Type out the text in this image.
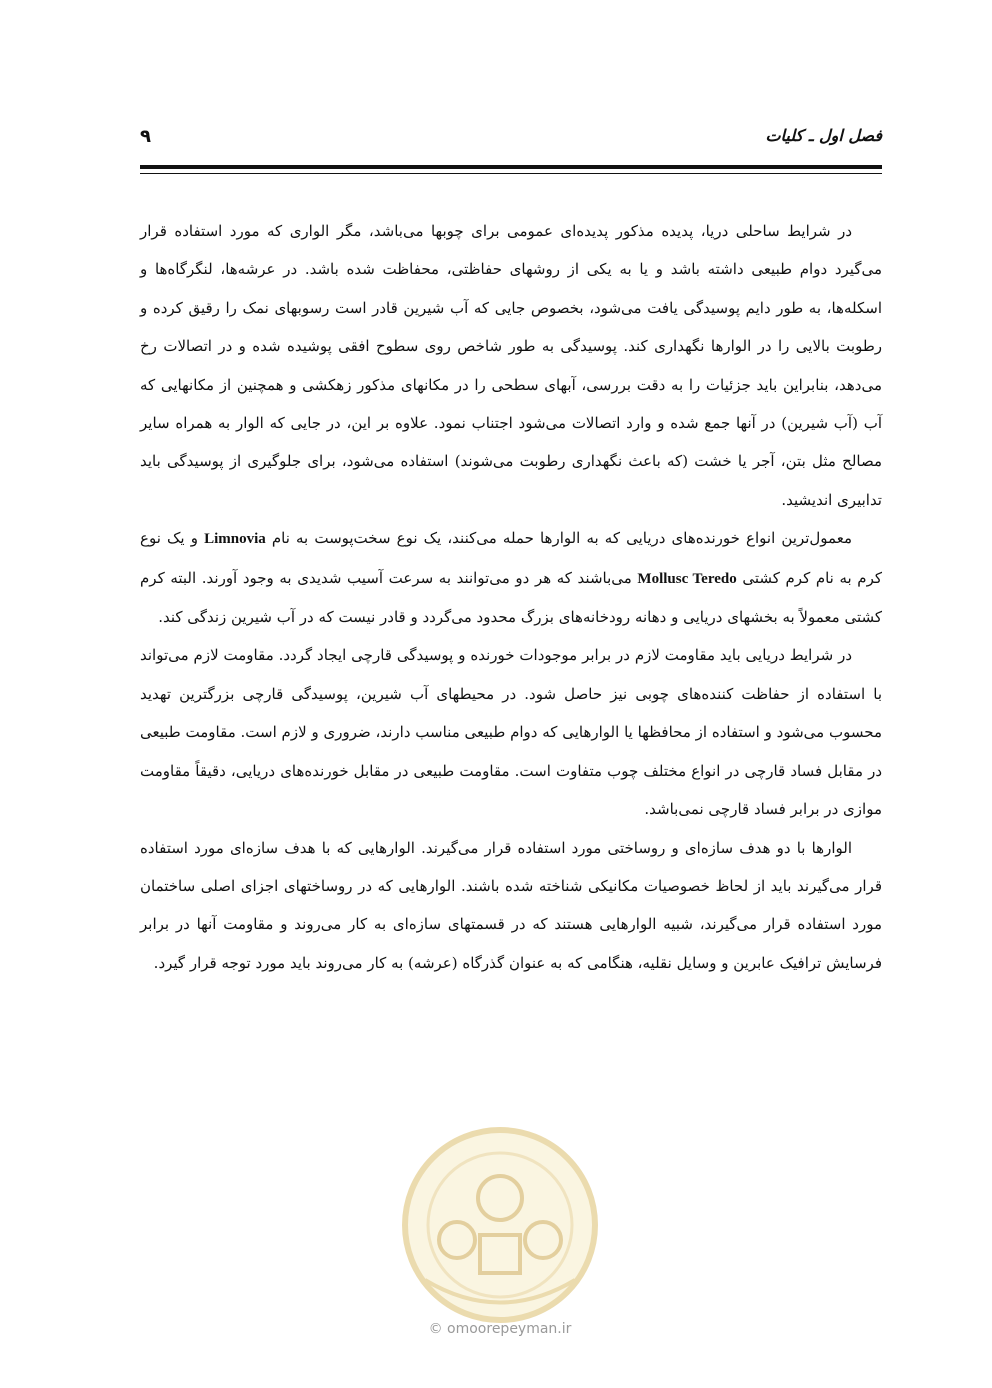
فصل اول ـ کلیات
۹

در شرایط ساحلی دریا، پدیده مذکور پدیده‌ای عمومی برای چوبها می‌باشد، مگر الواری که مورد استفاده قرار می‌گیرد دوام طبیعی داشته باشد و یا به یکی از روشهای حفاظتی، محفاظت شده باشد. در عرشه‌ها، لنگرگاه‌ها و اسکله‌ها، به طور دایم پوسیدگی یافت می‌شود، بخصوص جایی که آب شیرین قادر است رسوبهای نمک را رقیق کرده و رطوبت بالایی را در الوارها نگهداری کند. پوسیدگی به طور شاخص روی سطوح افقی پوشیده شده و در اتصالات رخ می‌دهد، بنابراین باید جزئیات را به دقت بررسی، آبهای سطحی را در مکانهای مذکور زهکشی و همچنین از مکانهایی که آب (آب شیرین) در آنها جمع شده و وارد اتصالات می‌شود اجتناب نمود. علاوه بر این، در جایی که الوار به همراه سایر مصالح مثل بتن، آجر یا خشت (که باعث نگهداری رطوبت می‌شوند) استفاده می‌شود، برای جلوگیری از پوسیدگی باید تدابیری اندیشید.

معمول‌ترین انواع خورنده‌های دریایی که به الوارها حمله می‌کنند، یک نوع سخت‌پوست به نام Limnovia و یک نوع کرم به نام کرم کشتی Mollusc Teredo می‌باشند که هر دو می‌توانند به سرعت آسیب شدیدی به وجود آورند. البته کرم کشتی معمولاً به بخشهای دریایی و دهانه رودخانه‌های بزرگ محدود می‌گردد و قادر نیست که در آب شیرین زندگی کند.

در شرایط دریایی باید مقاومت لازم در برابر موجودات خورنده و پوسیدگی قارچی ایجاد گردد. مقاومت لازم می‌تواند با استفاده از حفاظت کننده‌های چوبی نیز حاصل شود. در محیطهای آب شیرین، پوسیدگی قارچی بزرگترین تهدید محسوب می‌شود و استفاده از محافظها یا الوارهایی که دوام طبیعی مناسب دارند، ضروری و لازم است. مقاومت طبیعی در مقابل فساد قارچی در انواع مختلف چوب متفاوت است. مقاومت طبیعی در مقابل خورنده‌های دریایی، دقیقاً مقاومت موازی در برابر فساد قارچی نمی‌باشد.

الوارها با دو هدف سازه‌ای و روساختی مورد استفاده قرار می‌گیرند. الوارهایی که با هدف سازه‌ای مورد استفاده قرار می‌گیرند باید از لحاظ خصوصیات مکانیکی شناخته شده باشند. الوارهایی که در روساختهای اجزای اصلی ساختمان مورد استفاده قرار می‌گیرند، شبیه الوارهایی هستند که در قسمتهای سازه‌ای به کار می‌روند و مقاومت آنها در برابر فرسایش ترافیک عابرین و وسایل نقلیه، هنگامی که به عنوان گذرگاه (عرشه) به کار می‌روند باید مورد توجه قرار گیرد.

© omoorepeyman.ir
